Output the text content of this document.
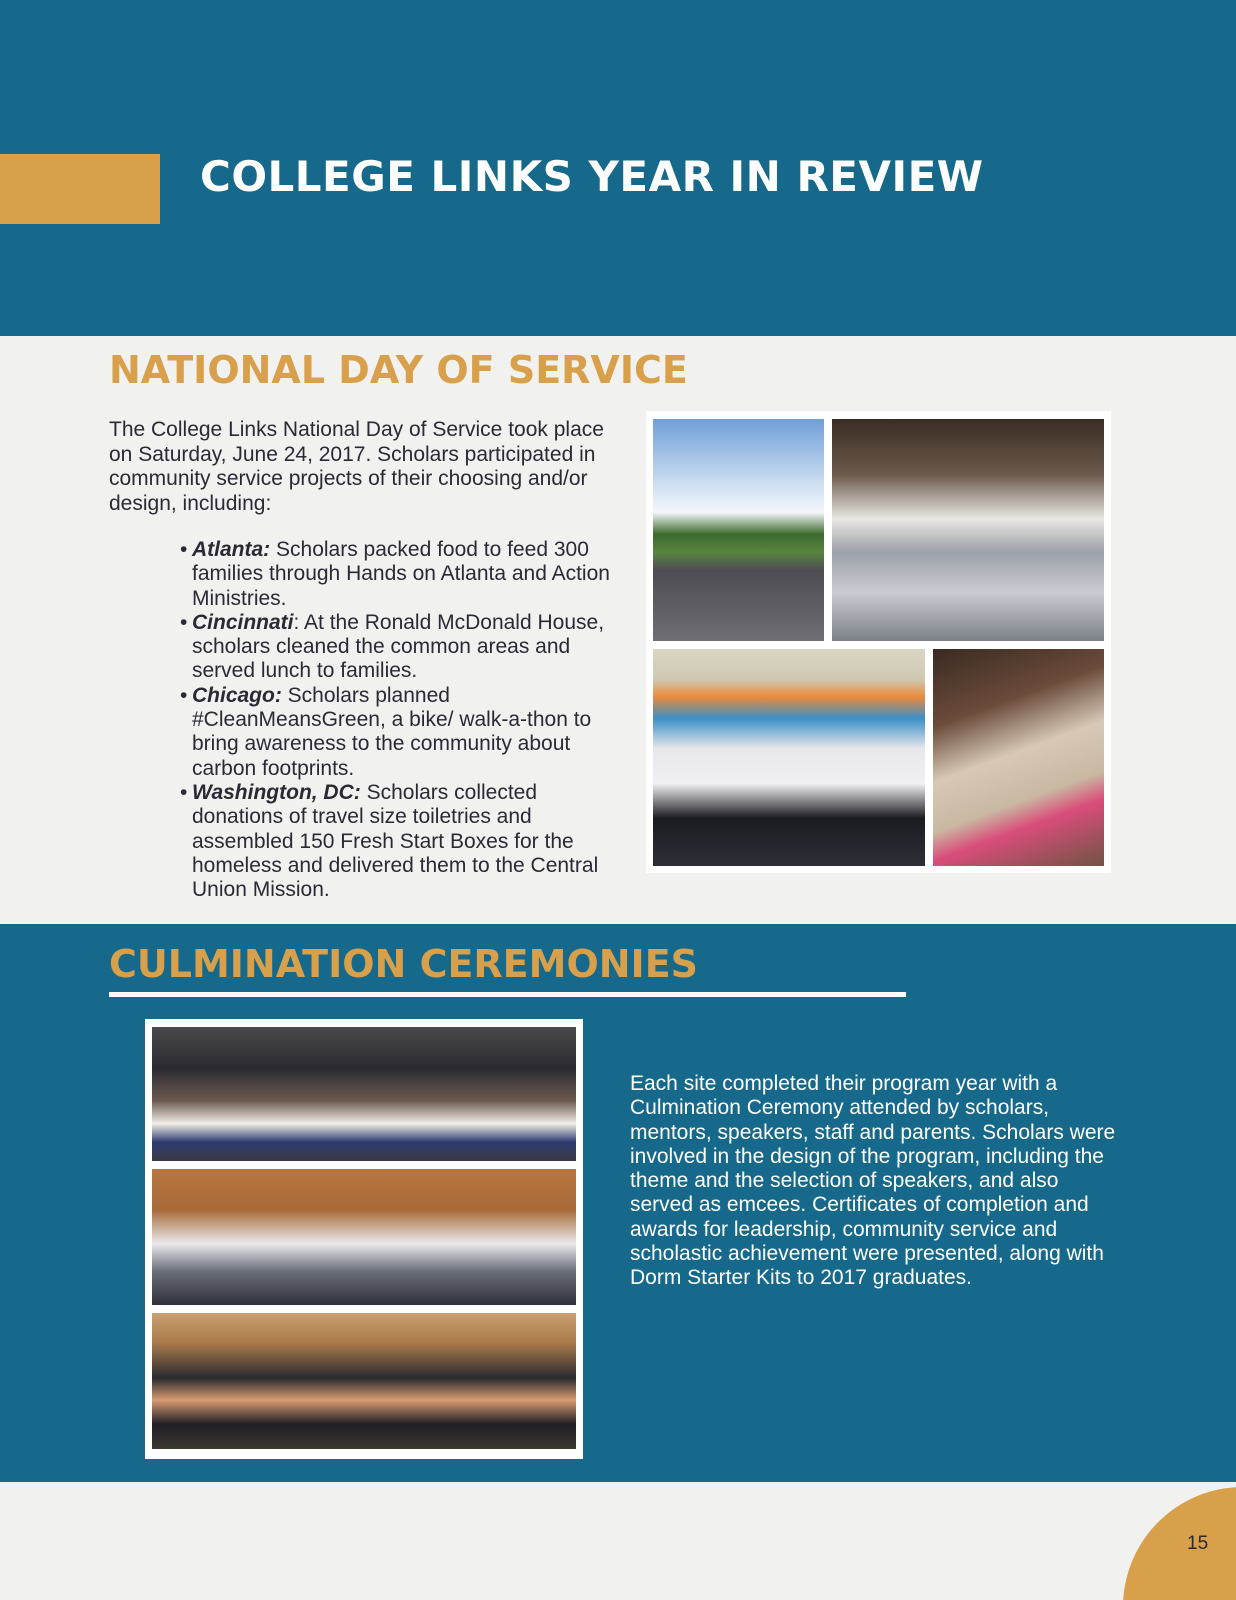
COLLEGE LINKS YEAR IN REVIEW
NATIONAL DAY OF SERVICE

The College Links National Day of Service took place on Saturday, June 24, 2017. Scholars participated in community service projects of their choosing and/or design, including:

• Atlanta: Scholars packed food to feed 300 families through Hands on Atlanta and Action Ministries.
• Cincinnati: At the Ronald McDonald House, scholars cleaned the common areas and served lunch to families.
• Chicago: Scholars planned #CleanMeansGreen, a bike/ walk-a-thon to bring awareness to the community about carbon footprints.
• Washington, DC: Scholars collected donations of travel size toiletries and assembled 150 Fresh Start Boxes for the homeless and delivered them to the Central Union Mission.
CULMINATION CEREMONIES

Each site completed their program year with a Culmination Ceremony attended by scholars, mentors, speakers, staff and parents. Scholars were involved in the design of the program, including the theme and the selection of speakers, and also served as emcees. Certificates of completion and awards for leadership, community service and scholastic achievement were presented, along with Dorm Starter Kits to 2017 graduates.

15
